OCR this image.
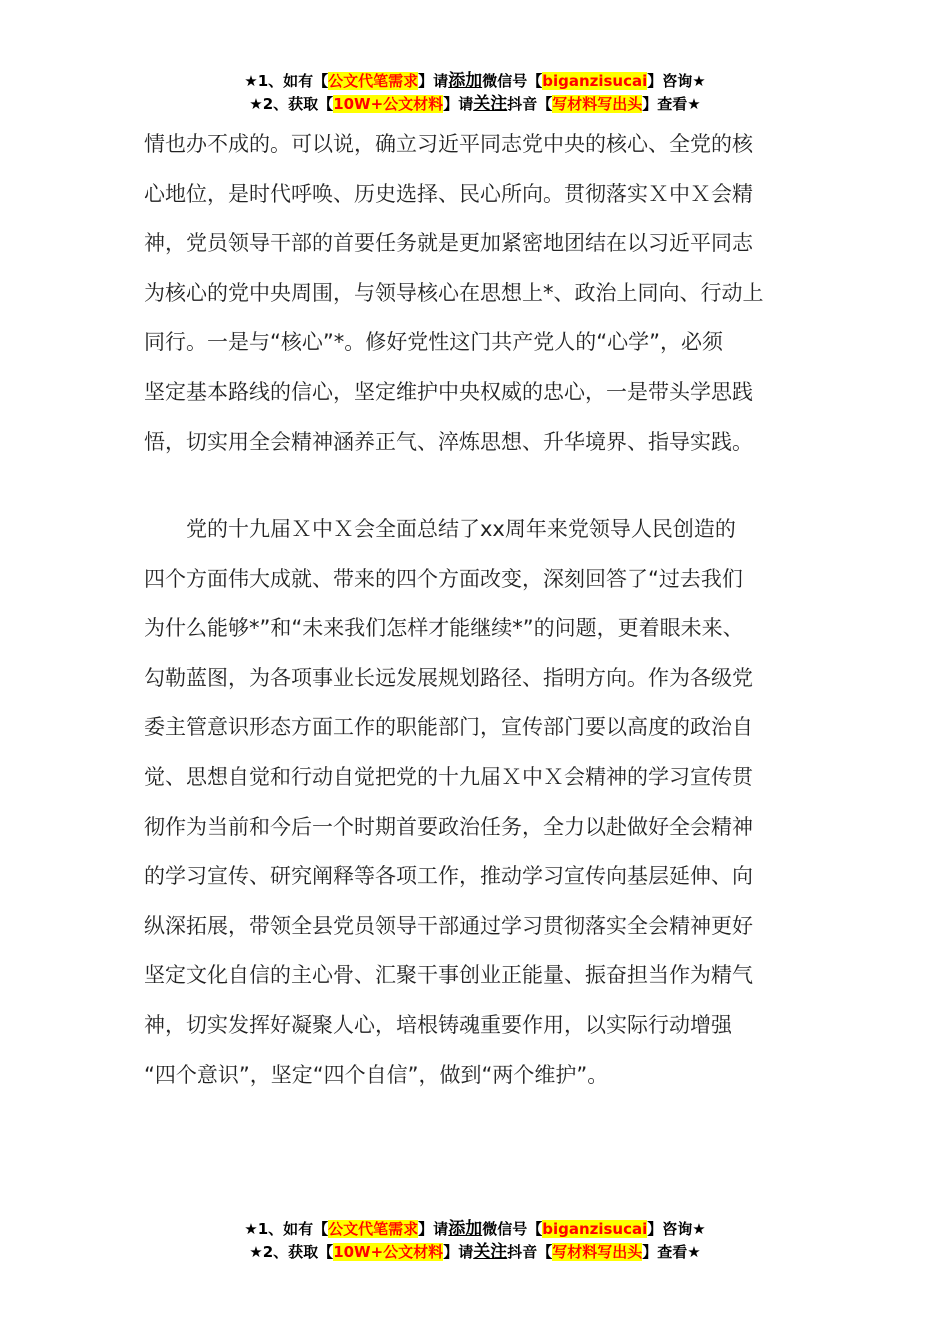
★1、如有【公文代笔需求】请添加微信号【biganzisucai】咨询★
★2、获取【10W+公文材料】请关注抖音【写材料写出头】查看★
情也办不成的。可以说，确立习近平同志党中央的核心、全党的核
心地位，是时代呼唤、历史选择、民心所向。贯彻落实Ｘ中Ｘ会精
神，党员领导干部的首要任务就是更加紧密地团结在以习近平同志
为核心的党中央周围，与领导核心在思想上*、政治上同向、行动上
同行。一是与“核心”*。修好党性这门共产党人的“心学”，必须
坚定基本路线的信心，坚定维护中央权威的忠心，一是带头学思践
悟，切实用全会精神涵养正气、淬炼思想、升华境界、指导实践。
　　党的十九届Ｘ中Ｘ会全面总结了xx周年来党领导人民创造的
四个方面伟大成就、带来的四个方面改变，深刻回答了“过去我们
为什么能够*”和“未来我们怎样才能继续*”的问题，更着眼未来、
勾勒蓝图，为各项事业长远发展规划路径、指明方向。作为各级党
委主管意识形态方面工作的职能部门，宣传部门要以高度的政治自
觉、思想自觉和行动自觉把党的十九届Ｘ中Ｘ会精神的学习宣传贯
彻作为当前和今后一个时期首要政治任务，全力以赴做好全会精神
的学习宣传、研究阐释等各项工作，推动学习宣传向基层延伸、向
纵深拓展，带领全县党员领导干部通过学习贯彻落实全会精神更好
坚定文化自信的主心骨、汇聚干事创业正能量、振奋担当作为精气
神，切实发挥好凝聚人心，培根铸魂重要作用，以实际行动增强
“四个意识”，坚定“四个自信”，做到“两个维护”。
★1、如有【公文代笔需求】请添加微信号【biganzisucai】咨询★
★2、获取【10W+公文材料】请关注抖音【写材料写出头】查看★
